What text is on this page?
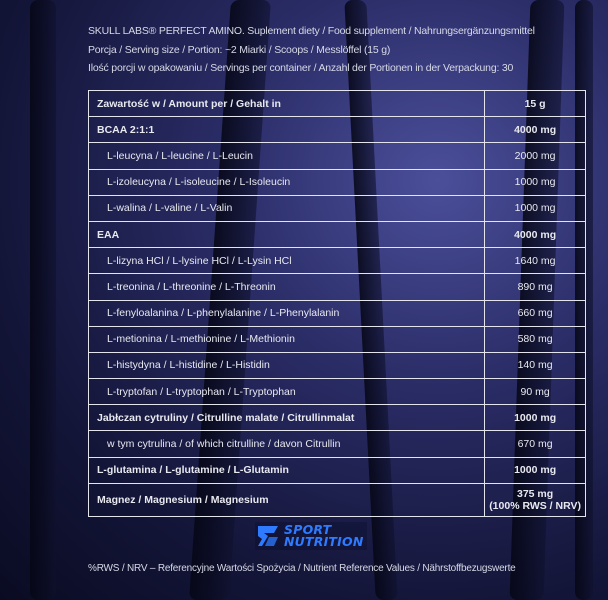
SKULL LABS® PERFECT AMINO. Suplement diety / Food supplement / Nahrungsergänzungsmittel
Porcja / Serving size / Portion: ~2 Miarki / Scoops / Messlöffel (15 g)
Ilość porcji w opakowaniu / Servings per container / Anzahl der Portionen in der Verpackung: 30
Zawartość w / Amount per / Gehalt in	15 g
BCAA 2:1:1	4000 mg
L-leucyna / L-leucine / L-Leucin	2000 mg
L-izoleucyna / L-isoleucine / L-Isoleucin	1000 mg
L-walina / L-valine / L-Valin	1000 mg
EAA	4000 mg
L-lizyna HCl / L-lysine HCl / L-Lysin HCl	1640 mg
L-treonina / L-threonine / L-Threonin	890 mg
L-fenyloalanina / L-phenylalanine / L-Phenylalanin	660 mg
L-metionina / L-methionine / L-Methionin	580 mg
L-histydyna / L-histidine / L-Histidin	140 mg
L-tryptofan / L-tryptophan / L-Tryptophan	90 mg
Jabłczan cytruliny / Citrulline malate / Citrullinmalat	1000 mg
w tym cytrulina / of which citrulline / davon Citrullin	670 mg
L-glutamina / L-glutamine / L-Glutamin	1000 mg
Magnez / Magnesium / Magnesium	375 mg
(100% RWS / NRV)
SPORT
NUTRITION
%RWS / NRV – Referencyjne Wartości Spożycia / Nutrient Reference Values / Nährstoffbezugswerte
